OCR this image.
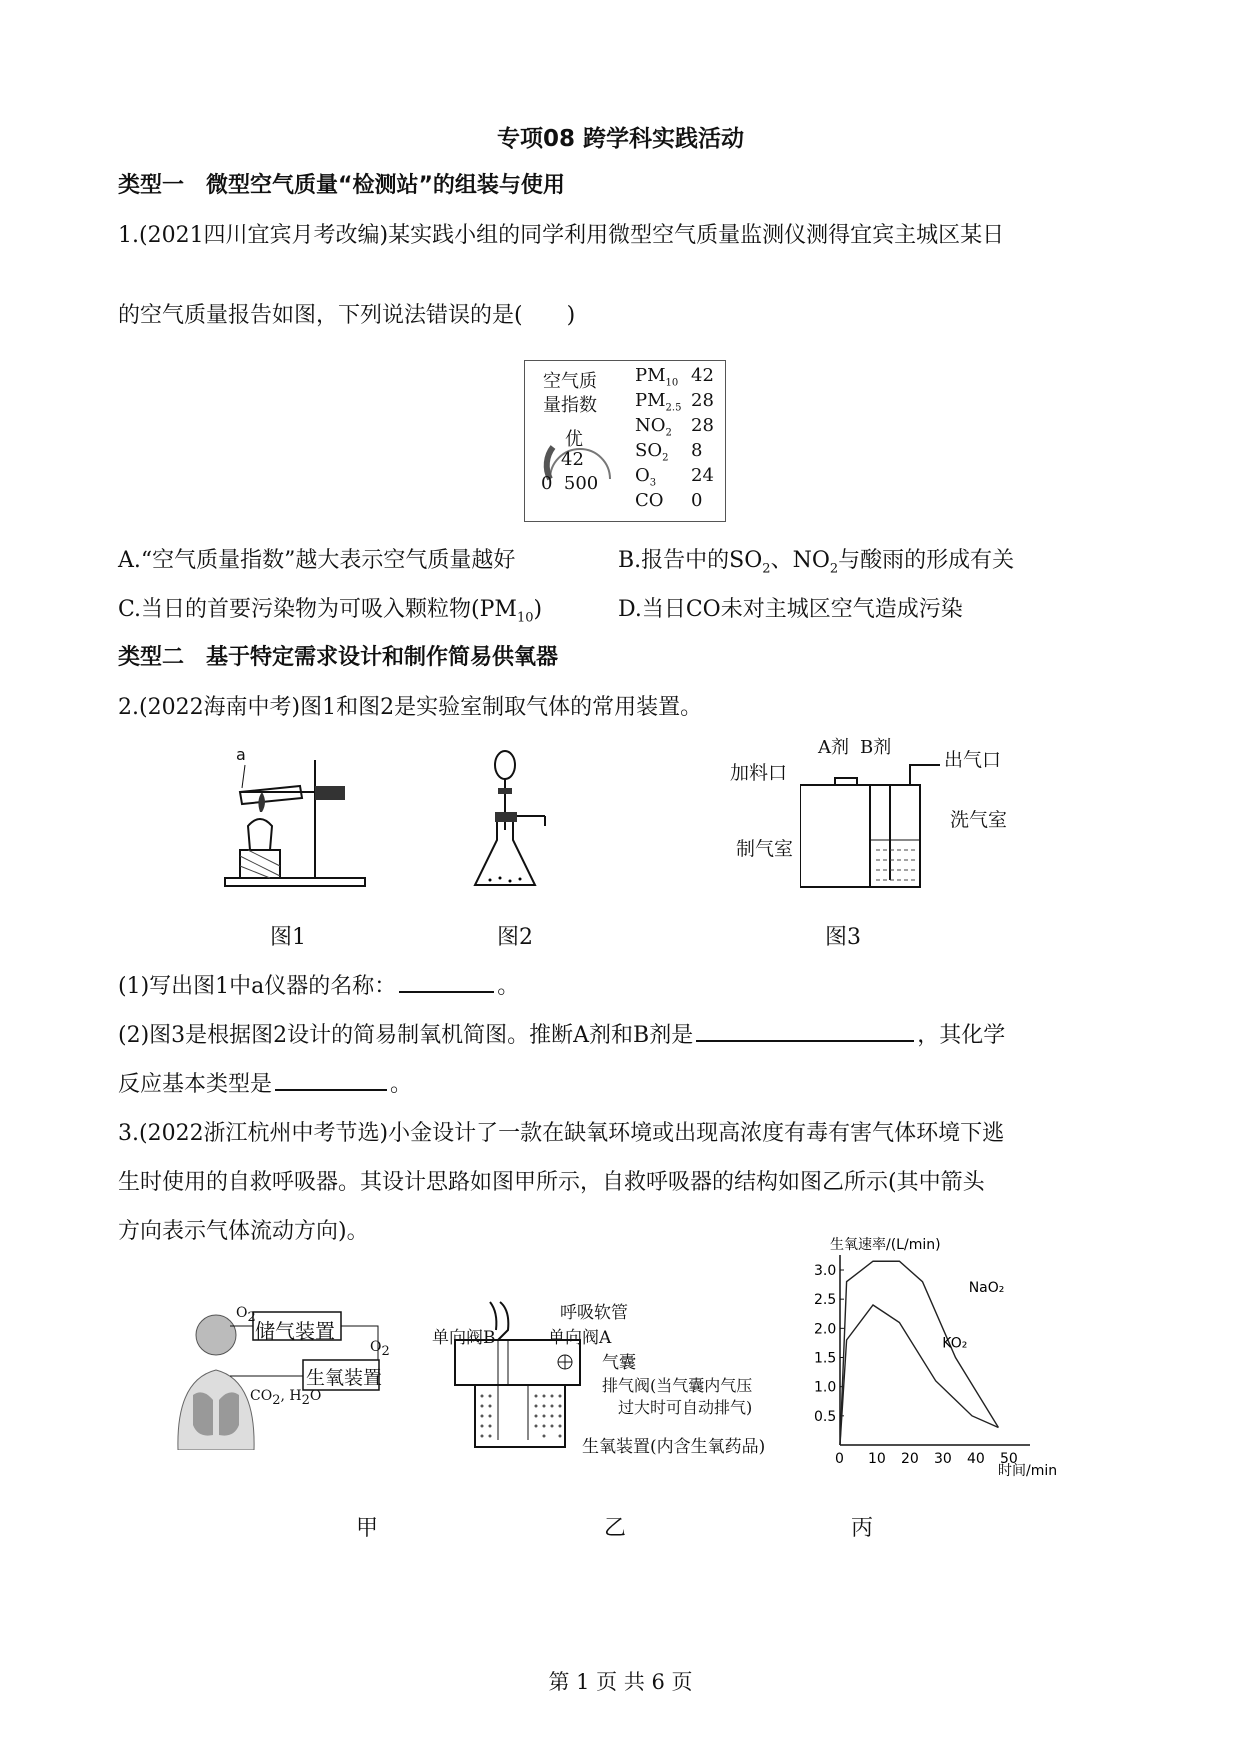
专项08 跨学科实践活动
类型一　微型空气质量“检测站”的组装与使用
1.(2021四川宜宾月考改编)某实践小组的同学利用微型空气质量监测仪测得宜宾主城区某日
的空气质量报告如图，下列说法错误的是(　　)
空气质
量指数
优
42
0  500
$PM_{10}$ 42
$PM_{2.5}$ 28
$NO_2$ 28
$SO_2$ 8
$O_3$ 24
CO 0
A.“空气质量指数”越大表示空气质量越好	B.报告中的$SO_2$、$NO_2$与酸雨的形成有关
C.当日的首要污染物为可吸入颗粒物$(PM_{10})$	D.当日CO未对主城区空气造成污染
类型二　基于特定需求设计和制作简易供氧器
2.(2022海南中考)图1和图2是实验室制取气体的常用装置。
a	A剂 B剂
出气口
加料口
洗气室
制气室
图1	图2	图3
(1)写出图1中a仪器的名称：	。
(2)图3是根据图2设计的简易制氧机简图。推断A剂和B剂是	，其化学
反应基本类型是	。
3.(2022浙江杭州中考节选)小金设计了一款在缺氧环境或出现高浓度有毒有害气体环境下逃
生时使用的自救呼吸器。其设计思路如图甲所示，自救呼吸器的结构如图乙所示(其中箭头
方向表示气体流动方向)。
储气装置
生氧装置
$O_2$
$O_2$
$CO_2$, $H_2O$
呼吸软管
单向阀B	单向阀A
气囊
排气阀(当气囊内气压
过大时可自动排气)
生氧装置(内含生氧药品)
0 10 20 30 40 50
0.5
1.0
1.5
2.0
2.5
3.0
NaO₂
KO₂
生氧速率/(L/min)
时间/min
甲	乙	丙
第 1 页 共 6 页
